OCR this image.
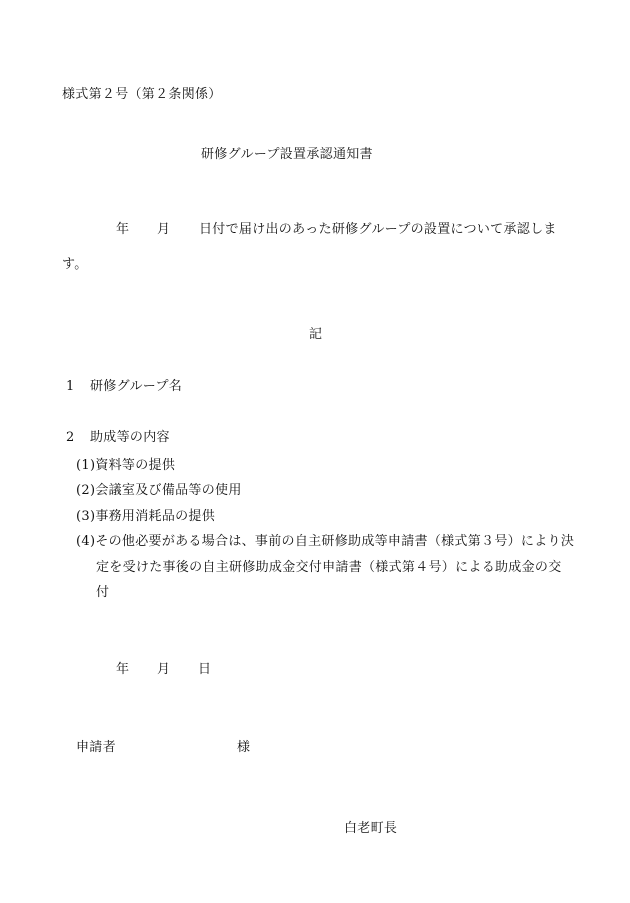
様式第２号（第２条関係）
研修グループ設置承認通知書
年 月 日付で届け出のあった研修グループの設置について承認しま
す。
記
1 研修グループ名
2 助成等の内容
(1)資料等の提供
(2)会議室及び備品等の使用
(3)事務用消耗品の提供
(4)その他必要がある場合は、事前の自主研修助成等申請書（様式第３号）により決
定を受けた事後の自主研修助成金交付申請書（様式第４号）による助成金の交
付
年 月 日
申請者	様
白老町長
